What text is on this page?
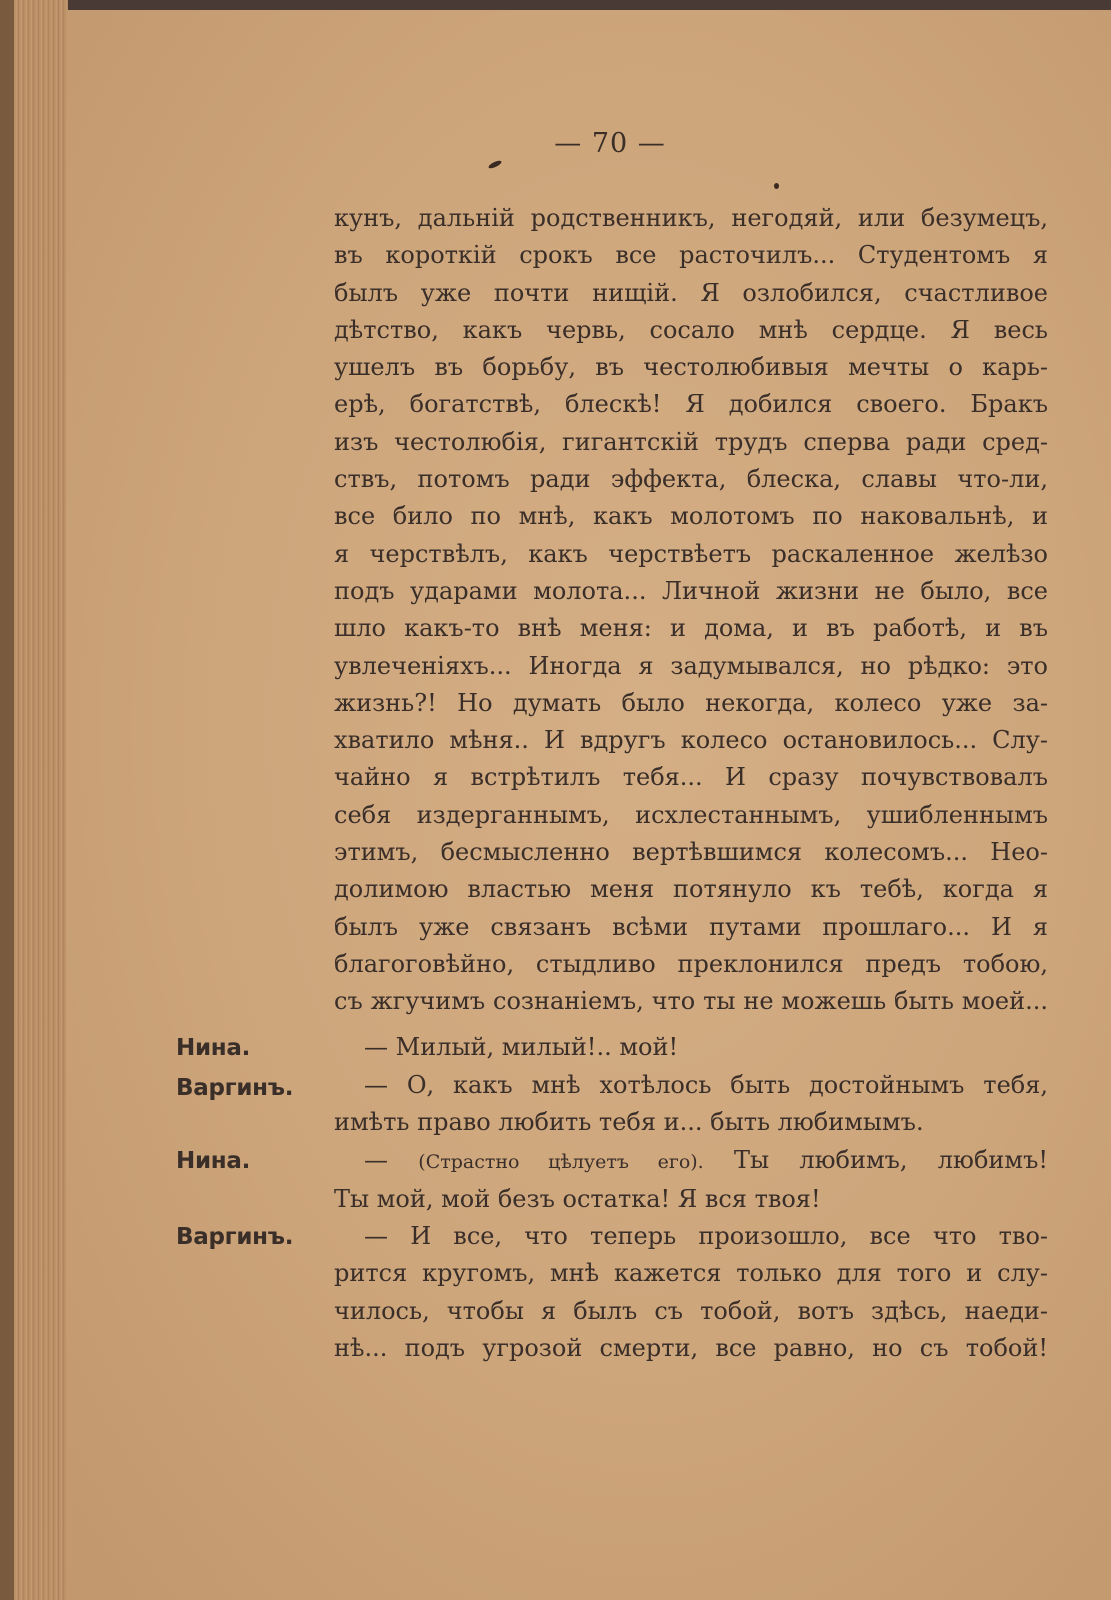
— 70 —
кунъ, дальнiй родственникъ, негодяй, или безумецъ,
въ короткiй срокъ все расточилъ... Студентомъ я
былъ уже почти нищiй. Я озлобился, счастливое
дѣтство, какъ червь, сосало мнѣ сердце. Я весь
ушелъ въ борьбу, въ честолюбивыя мечты о карь-
ерѣ, богатствѣ, блескѣ! Я добился своего. Бракъ
изъ честолюбiя, гигантскiй трудъ сперва ради сред-
ствъ, потомъ ради эффекта, блеска, славы что-ли,
все било по мнѣ, какъ молотомъ по наковальнѣ, и
я черствѣлъ, какъ черствѣетъ раскаленное желѣзо
подъ ударами молота... Личной жизни не было, все
шло какъ-то внѣ меня: и дома, и въ работѣ, и въ
увлеченiяхъ... Иногда я задумывался, но рѣдко: это
жизнь?! Но думать было некогда, колесо уже за-
хватило мѣня.. И вдругъ колесо остановилось... Слу-
чайно я встрѣтилъ тебя... И сразу почувствовалъ
себя издерганнымъ, исхлестаннымъ, ушибленнымъ
этимъ, бесмысленно вертѣвшимся колесомъ... Нео-
долимою властью меня потянуло къ тебѣ, когда я
былъ уже связанъ всѣми путами прошлаго... И я
благоговѣйно, стыдливо преклонился предъ тобою,
съ жгучимъ сознанiемъ, что ты не можешь быть моей...
Нина.	— Милый, милый!.. мой!
Варгинъ.	— О, какъ мнѣ хотѣлось быть достойнымъ тебя,
имѣть право любить тебя и... быть любимымъ.
Нина.	— (Страстно цѣлуетъ его). Ты любимъ, любимъ!
Ты мой, мой безъ остатка! Я вся твоя!
Варгинъ.	— И все, что теперь произошло, все что тво-
рится кругомъ, мнѣ кажется только для того и слу-
чилось, чтобы я былъ съ тобой, вотъ здѣсь, наеди-
нѣ... подъ угрозой смерти, все равно, но съ тобой!
